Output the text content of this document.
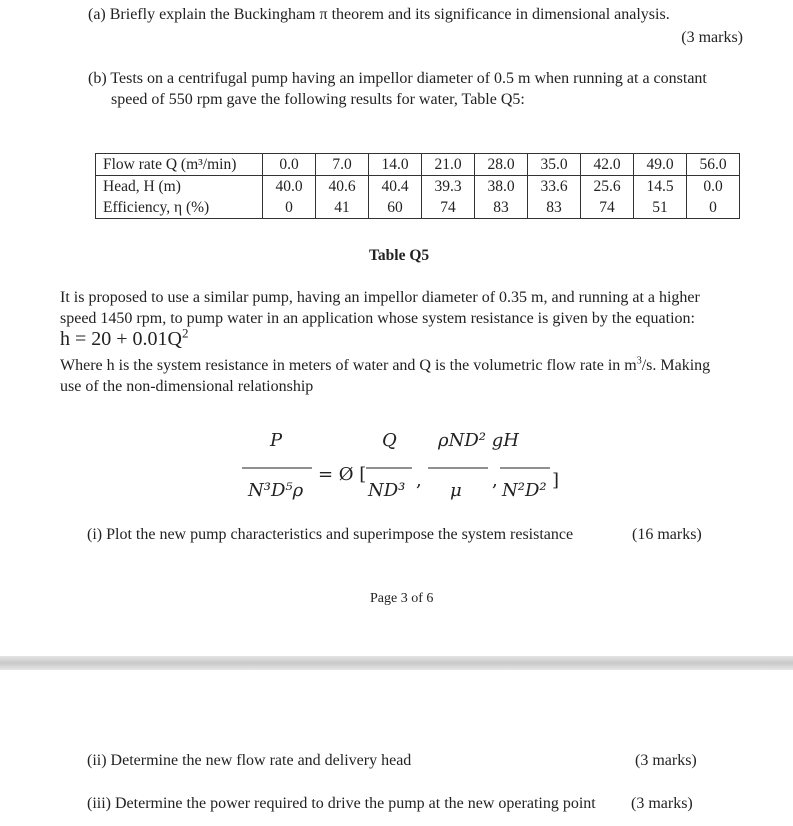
(a) Briefly explain the Buckingham π theorem and its significance in dimensional analysis.
(3 marks)
(b) Tests on a centrifugal pump having an impellor diameter of 0.5 m when running at a constant
speed of 550 rpm gave the following results for water, Table Q5:
Flow rate Q (m³/min)	0.0	7.0	14.0	21.0	28.0	35.0	42.0	49.0	56.0
Head, H (m)	40.0	40.6	40.4	39.3	38.0	33.6	25.6	14.5	0.0
Efficiency, η (%)	0	41	60	74	83	83	74	51	0
Table Q5
It is proposed to use a similar pump, having an impellor diameter of 0.35 m, and running at a higher
speed 1450 rpm, to pump water in an application whose system resistance is given by the equation:
$h = 20 + 0.01Q^2$
Where h is the system resistance in meters of water and Q is the volumetric flow rate in $m^3/s$. Making
use of the non-dimensional relationship
P
N³D⁵ρ
= Ø [
Q
ND³ ,
ρND² gH
μ , N²D² ]
(i) Plot the new pump characteristics and superimpose the system resistance	(16 marks)
Page 3 of 6
(ii) Determine the new flow rate and delivery head	(3 marks)
(iii) Determine the power required to drive the pump at the new operating point (3 marks)
